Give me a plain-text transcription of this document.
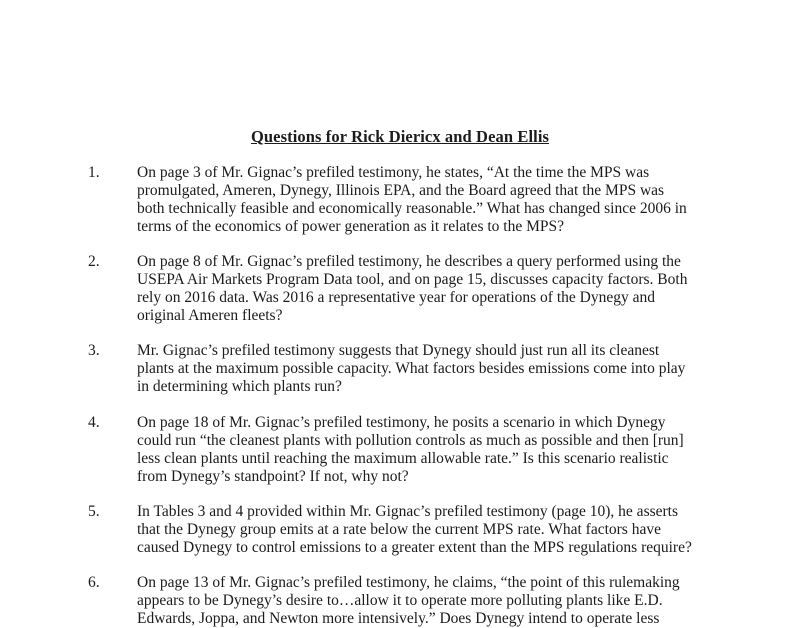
Questions for Rick Diericx and Dean Ellis
1. On page 3 of Mr. Gignac’s prefiled testimony, he states, “At the time the MPS was
promulgated, Ameren, Dynegy, Illinois EPA, and the Board agreed that the MPS was
both technically feasible and economically reasonable.” What has changed since 2006 in
terms of the economics of power generation as it relates to the MPS?
2. On page 8 of Mr. Gignac’s prefiled testimony, he describes a query performed using the
USEPA Air Markets Program Data tool, and on page 15, discusses capacity factors. Both
rely on 2016 data. Was 2016 a representative year for operations of the Dynegy and
original Ameren fleets?
3. Mr. Gignac’s prefiled testimony suggests that Dynegy should just run all its cleanest
plants at the maximum possible capacity. What factors besides emissions come into play
in determining which plants run?
4. On page 18 of Mr. Gignac’s prefiled testimony, he posits a scenario in which Dynegy
could run “the cleanest plants with pollution controls as much as possible and then [run]
less clean plants until reaching the maximum allowable rate.” Is this scenario realistic
from Dynegy’s standpoint? If not, why not?
5. In Tables 3 and 4 provided within Mr. Gignac’s prefiled testimony (page 10), he asserts
that the Dynegy group emits at a rate below the current MPS rate. What factors have
caused Dynegy to control emissions to a greater extent than the MPS regulations require?
6. On page 13 of Mr. Gignac’s prefiled testimony, he claims, “the point of this rulemaking
appears to be Dynegy’s desire to…allow it to operate more polluting plants like E.D.
Edwards, Joppa, and Newton more intensively.” Does Dynegy intend to operate less
